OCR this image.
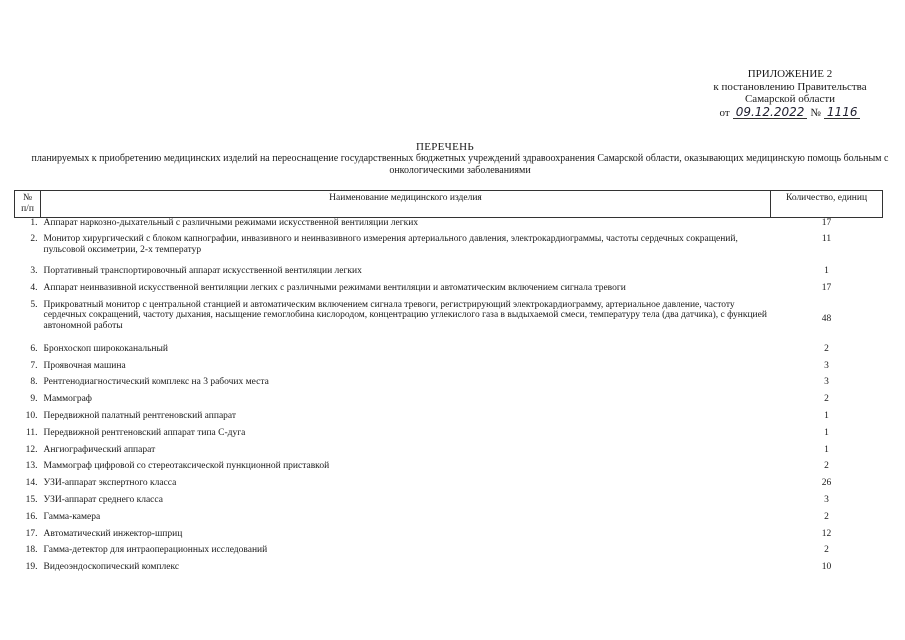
ПРИЛОЖЕНИЕ 2
к постановлению Правительства
Самарской области
от 09.12.2022 № 1116
ПЕРЕЧЕНЬ
планируемых к приобретению медицинских изделий на переоснащение государственных бюджетных учреждений здравоохранения Самарской области, оказывающих медицинскую помощь больным с онкологическими заболеваниями
№ п/п	Наименование медицинского изделия	Количество, единиц
1.	Аппарат наркозно-дыхательный с различными режимами искусственной вентиляции легких	17
2.	Монитор хирургический с блоком капнографии, инвазивного и неинвазивного измерения артериального давления, электрокардиограммы, частоты сердечных сокращений, пульсовой оксиметрии, 2-х температур	11
3.	Портативный транспортировочный аппарат искусственной вентиляции легких	1
4.	Аппарат неинвазивной искусственной вентиляции легких с различными режимами вентиляции и автоматическим включением сигнала тревоги	17
5.	Прикроватный монитор с центральной станцией и автоматическим включением сигнала тревоги, регистрирующий электрокардиограмму, артериальное давление, частоту сердечных сокращений, частоту дыхания, насыщение гемоглобина кислородом, концентрацию углекислого газа в выдыхаемой смеси, температуру тела (два датчика), с функцией автономной работы	48
6.	Бронхоскоп ширококанальный	2
7.	Проявочная машина	3
8.	Рентгенодиагностический комплекс на 3 рабочих места	3
9.	Маммограф	2
10.	Передвижной палатный рентгеновский аппарат	1
11.	Передвижной рентгеновский аппарат типа С-дуга	1
12.	Ангиографический аппарат	1
13.	Маммограф цифровой со стереотаксической пункционной приставкой	2
14.	УЗИ-аппарат экспертного класса	26
15.	УЗИ-аппарат среднего класса	3
16.	Гамма-камера	2
17.	Автоматический инжектор-шприц	12
18.	Гамма-детектор для интраоперационных исследований	2
19.	Видеоэндоскопический комплекс	10
